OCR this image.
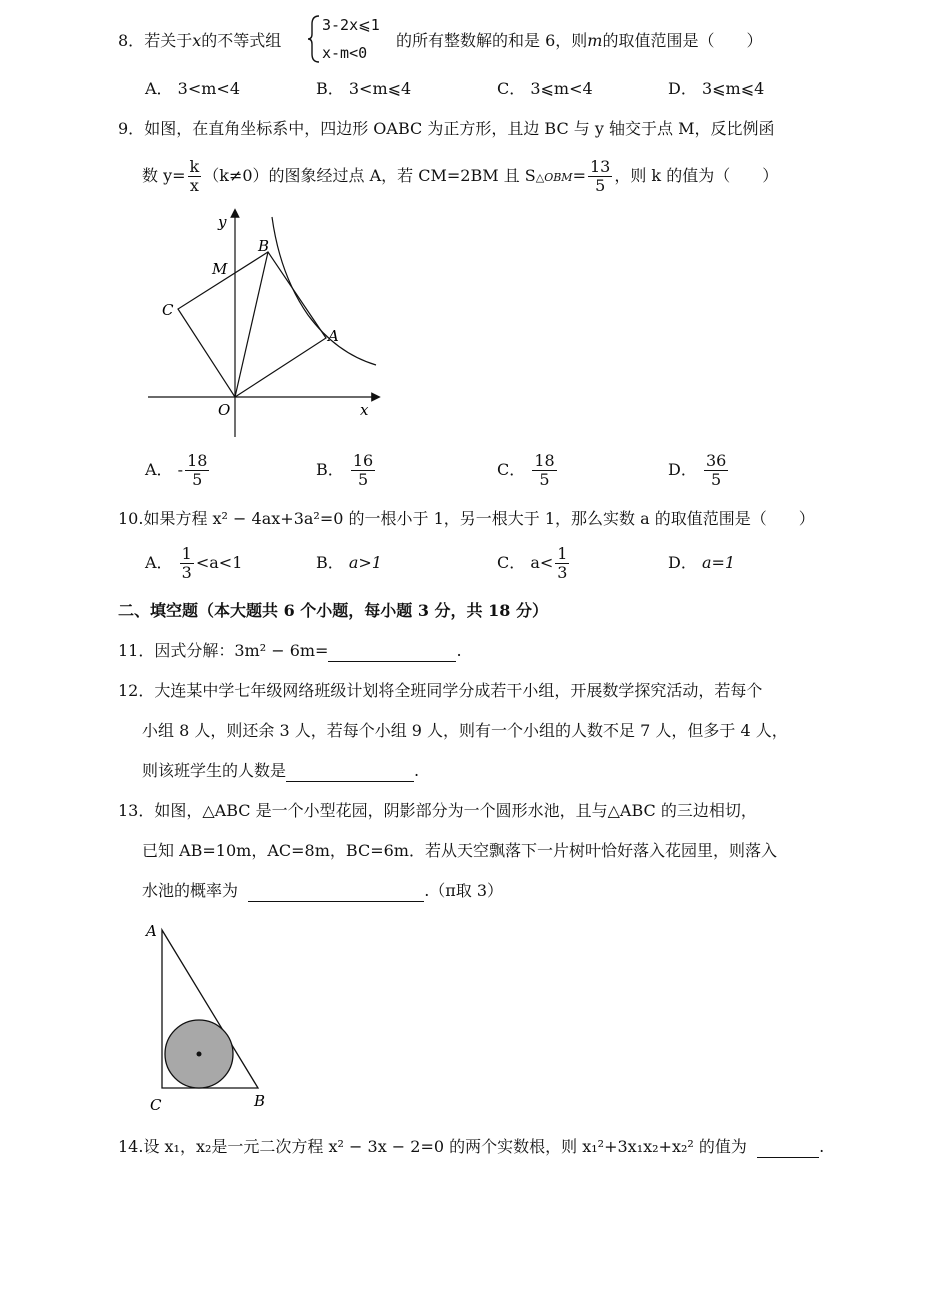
8．若关于x的不等式组
3-2x⩽1
x-m<0
的所有整数解的和是 6，则m的取值范围是（　　）
A． 3<m<4	B． 3<m⩽4	C． 3⩽m<4	D． 3⩽m⩽4
9．如图，在直角坐标系中，四边形 OABC 为正方形，且边 BC 与 y 轴交于点 M，反比例函
数 $y= \frac{k}{x} (k\ne 0)$的图象经过点 A，若 CM=2BM 且 S△OBM= $\frac{13}{5}$ ，则 k 的值为（　　）
y
x
O
B
M
C
A
A． - $\frac{18}{5}$	B． $\frac{16}{5}$	C． $\frac{18}{5}$	D． $\frac{36}{5}$
10.如果方程 x² − 4ax+3a²=0 的一根小于 1，另一根大于 1，那么实数 a 的取值范围是（　　）
A． $\frac{1}{3} <a<1$	B． a>1	C． $a< \frac{1}{3}$	D． a=1
二、填空题（本大题共 6 个小题，每小题 3 分，共 18 分）
11．因式分解：3m² − 6m=	.
12．大连某中学七年级网络班级计划将全班同学分成若干小组，开展数学探究活动，若每个
小组 8 人，则还余 3 人，若每个小组 9 人，则有一个小组的人数不足 7 人，但多于 4 人，
则该班学生的人数是	.
13．如图，△ABC 是一个小型花园，阴影部分为一个圆形水池，且与△ABC 的三边相切，
已知 AB=10m，AC=8m，BC=6m．若从天空飘落下一片树叶恰好落入花园里，则落入
水池的概率为	.（π取 3）
A
C	B
14.设 x₁，x₂是一元二次方程 x² − 3x − 2=0 的两个实数根，则 x₁²+3x₁x₂+x₂² 的值为	.
